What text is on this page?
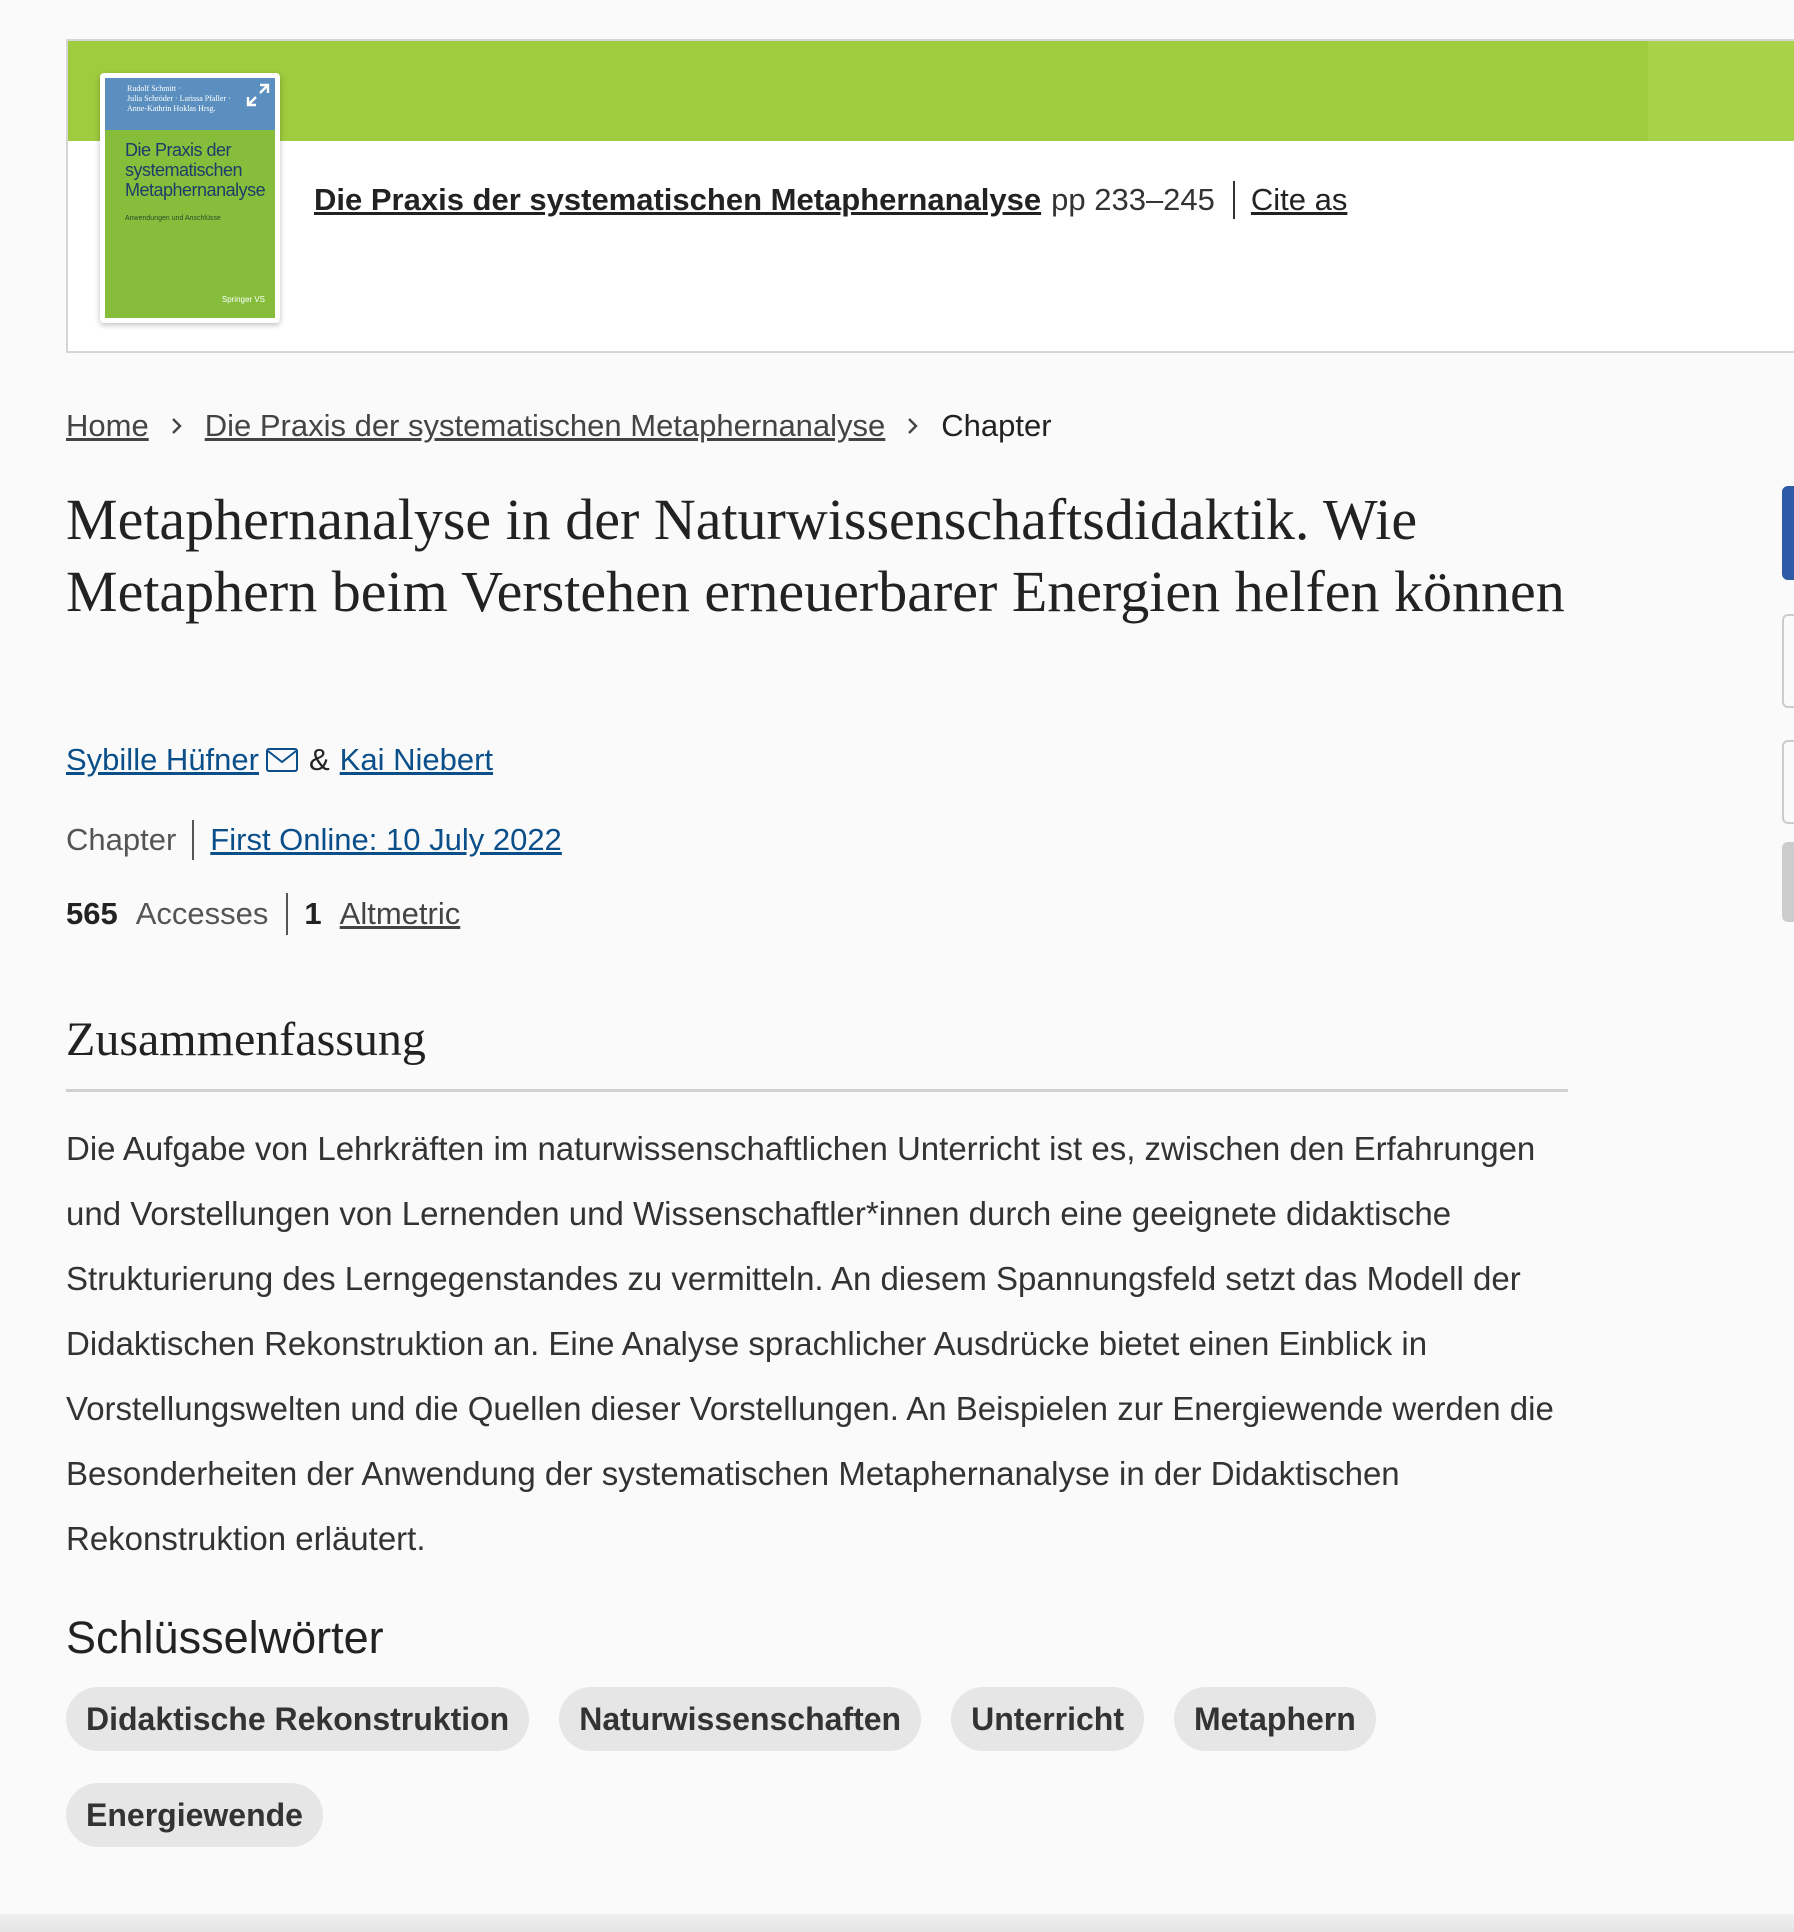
Rudolf Schmitt ·
Julia Schröder · Larissa Pfaller ·
Anne-Kathrin Hoklas Hrsg.
Die Praxis der
systematischen
Metaphernanalyse
Anwendungen und Anschlüsse
Springer VS
Die Praxis der systematischen Metaphernanalyse pp 233–245 Cite as
Home Die Praxis der systematischen Metaphernanalyse Chapter
Metaphernanalyse in der Naturwissenschaftsdidaktik. Wie Metaphern beim Verstehen erneuerbarer Energien helfen können
Sybille Hüfner & Kai Niebert
Chapter First Online: 10 July 2022
565 Accesses 1 Altmetric
Zusammenfassung

Die Aufgabe von Lehrkräften im naturwissenschaftlichen Unterricht ist es, zwischen den Erfahrungen und Vorstellungen von Lernenden und Wissenschaftler*innen durch eine geeignete didaktische Strukturierung des Lerngegenstandes zu vermitteln. An diesem Spannungsfeld setzt das Modell der Didaktischen Rekonstruktion an. Eine Analyse sprachlicher Ausdrücke bietet einen Einblick in Vorstellungswelten und die Quellen dieser Vorstellungen. An Beispielen zur Energiewende werden die Besonderheiten der Anwendung der systematischen Metaphernanalyse in der Didaktischen Rekonstruktion erläutert.

Schlüsselwörter
Didaktische Rekonstruktion	Naturwissenschaften	Unterricht	Metaphern
Energiewende
